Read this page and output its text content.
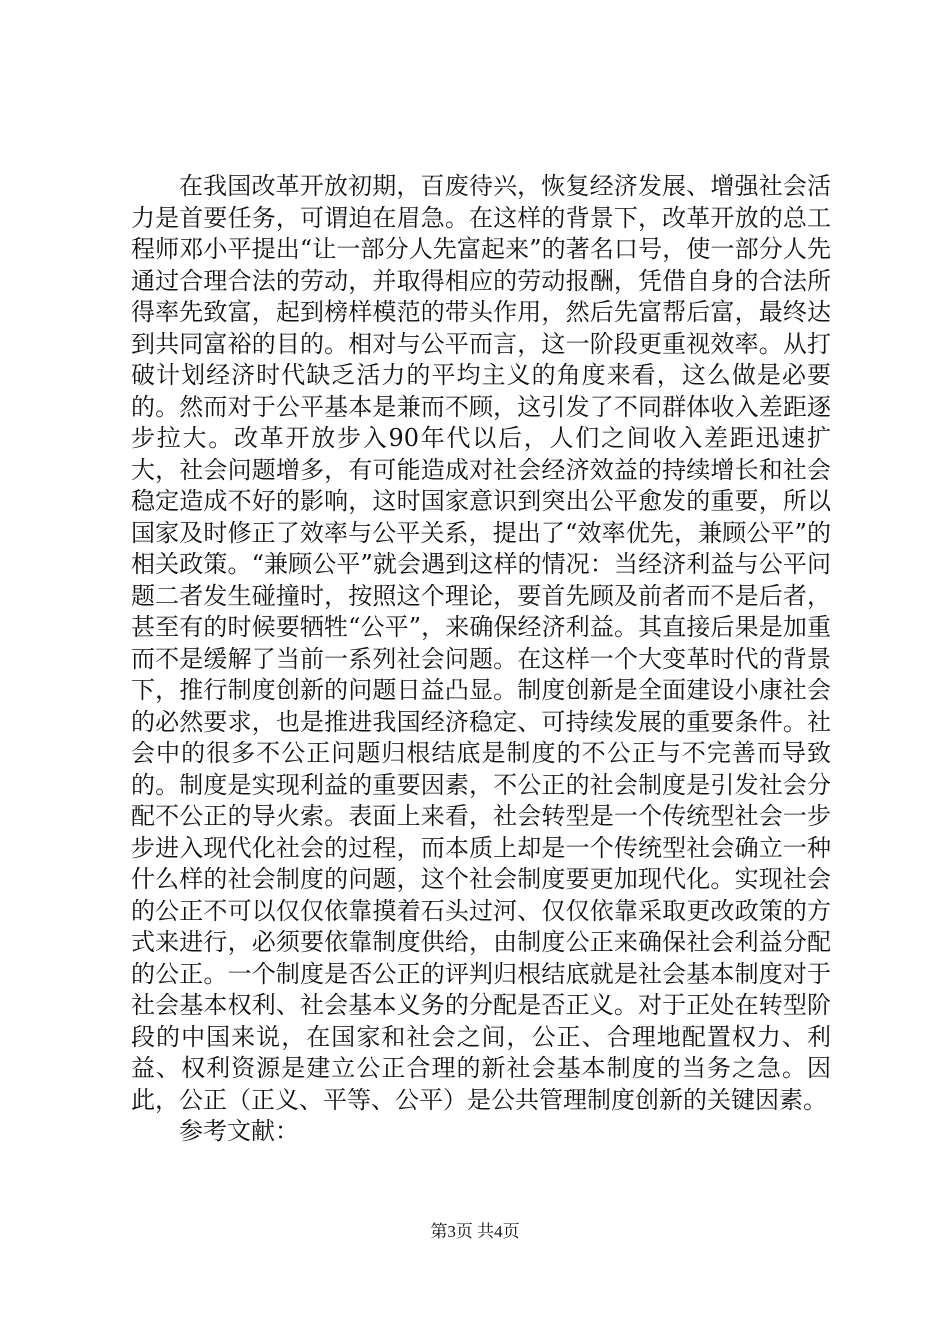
在我国改革开放初期，百废待兴，恢复经济发展、增强社会活力是首要任务，可谓迫在眉急。在这样的背景下，改革开放的总工程师邓小平提出“让一部分人先富起来”的著名口号，使一部分人先通过合理合法的劳动，并取得相应的劳动报酬，凭借自身的合法所得率先致富，起到榜样模范的带头作用，然后先富帮后富，最终达到共同富裕的目的。相对与公平而言，这一阶段更重视效率。从打破计划经济时代缺乏活力的平均主义的角度来看，这么做是必要的。然而对于公平基本是兼而不顾，这引发了不同群体收入差距逐步拉大。改革开放步入90年代以后，人们之间收入差距迅速扩大，社会问题增多，有可能造成对社会经济效益的持续增长和社会稳定造成不好的影响，这时国家意识到突出公平愈发的重要，所以国家及时修正了效率与公平关系，提出了“效率优先，兼顾公平”的相关政策。“兼顾公平”就会遇到这样的情况：当经济利益与公平问题二者发生碰撞时，按照这个理论，要首先顾及前者而不是后者，甚至有的时候要牺牲“公平”，来确保经济利益。其直接后果是加重而不是缓解了当前一系列社会问题。在这样一个大变革时代的背景下，推行制度创新的问题日益凸显。制度创新是全面建设小康社会的必然要求，也是推进我国经济稳定、可持续发展的重要条件。社会中的很多不公正问题归根结底是制度的不公正与不完善而导致的。制度是实现利益的重要因素，不公正的社会制度是引发社会分配不公正的导火索。表面上来看，社会转型是一个传统型社会一步步进入现代化社会的过程，而本质上却是一个传统型社会确立一种什么样的社会制度的问题，这个社会制度要更加现代化。实现社会的公正不可以仅仅依靠摸着石头过河、仅仅依靠采取更改政策的方式来进行，必须要依靠制度供给，由制度公正来确保社会利益分配的公正。一个制度是否公正的评判归根结底就是社会基本制度对于社会基本权利、社会基本义务的分配是否正义。对于正处在转型阶段的中国来说，在国家和社会之间，公正、合理地配置权力、利益、权利资源是建立公正合理的新社会基本制度的当务之急。因此，公正（正义、平等、公平）是公共管理制度创新的关键因素。

参考文献：

第3页 共4页
